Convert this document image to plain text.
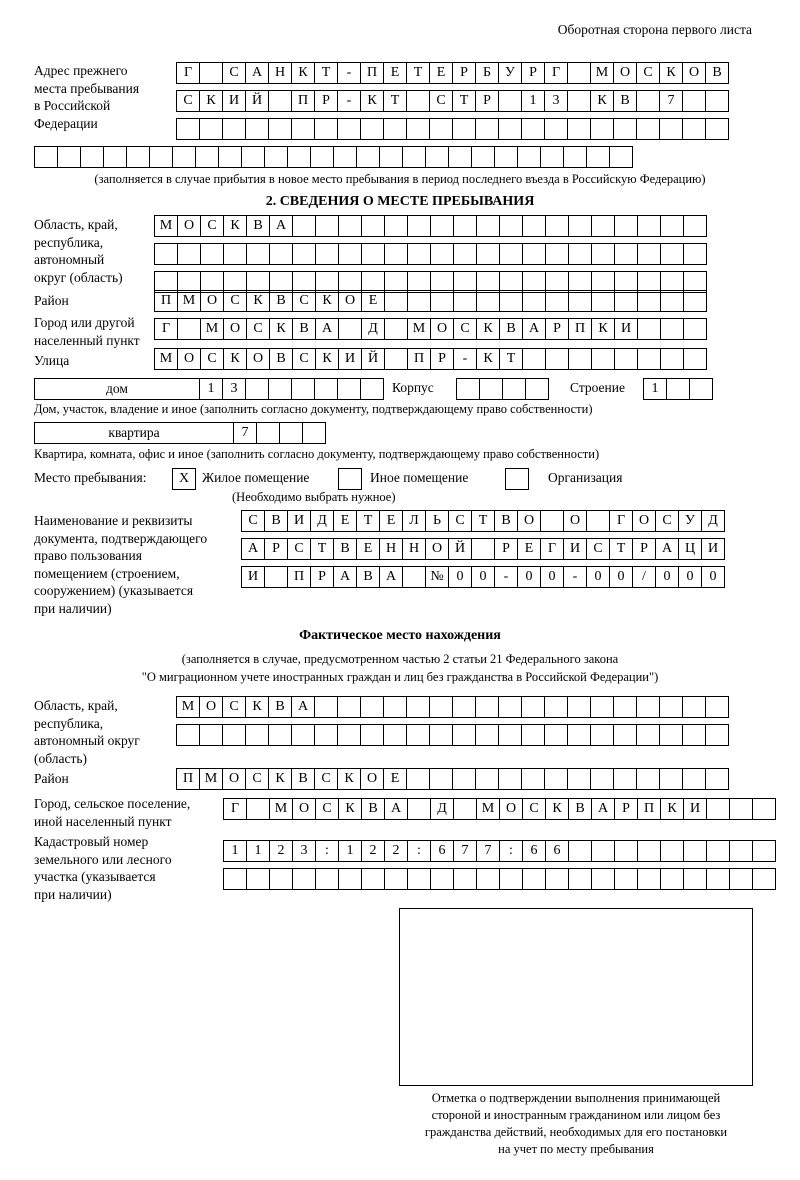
Оборотная сторона первого листа
Адрес прежнего
места пребывания
в Российской
Федерации
Г	С А Н К	Т	-	П Е	Т	Е	Р	Б	У	Р	Г	М О С К О В
С К И Й	П	Р	-	К	Т	С	Т	Р	1	3	К В	7
(заполняется в случае прибытия в новое место пребывания в период последнего въезда в Российскую Федерацию)
2. СВЕДЕНИЯ О МЕСТЕ ПРЕБЫВАНИЯ
Область, край,
республика,
автономный
округ (область)
М О С К В А
Район	П М О С К В С К О Е
Город или другой
населенный пункт
Г	М О С К В А	Д	М О С К В А	Р	П К И
Улица	М О С К О В С К И Й	П	Р	-	К	Т
дом	1	3	Корпус	Строение	1
Дом, участок, владение и иное (заполнить согласно документу, подтверждающему право собственности)
квартира	7
Квартира, комната, офис и иное (заполнить согласно документу, подтверждающему право собственности)
Место пребывания:	X Жилое помещение	Иное помещение	Организация
(Необходимо выбрать нужное)
Наименование и реквизиты
документа, подтверждающего
право пользования
помещением (строением,
сооружением) (указывается
при наличии)
С В И Д Е	Т	Е Л	Ь	С	Т	В О	О	Г О С У Д
А	Р	С	Т	В	Е Н Н О Й	Р	Е	Г И С	Т	Р	А Ц И
И	П	Р	А В А	№ 0	0	-	0	0	-	0	0	/	0	0	0
Фактическое место нахождения
(заполняется в случае, предусмотренном частью 2 статьи 21 Федерального закона
"О миграционном учете иностранных граждан и лиц без гражданства в Российской Федерации")
Область, край,
республика,
автономный округ
(область)
М О С К В А
Район	П М О С К В С К О Е
Город, сельское поселение,
иной населенный пункт
Г	М О С К В А	Д	М О С К В А	Р	П К И
Кадастровый номер
земельного или лесного
участка (указывается
при наличии)
1	1	2	3	:	1	2	2	:	6	7	7	:	6	6
Отметка о подтверждении выполнения принимающей
стороной и иностранным гражданином или лицом без
гражданства действий, необходимых для его постановки
на учет по месту пребывания
